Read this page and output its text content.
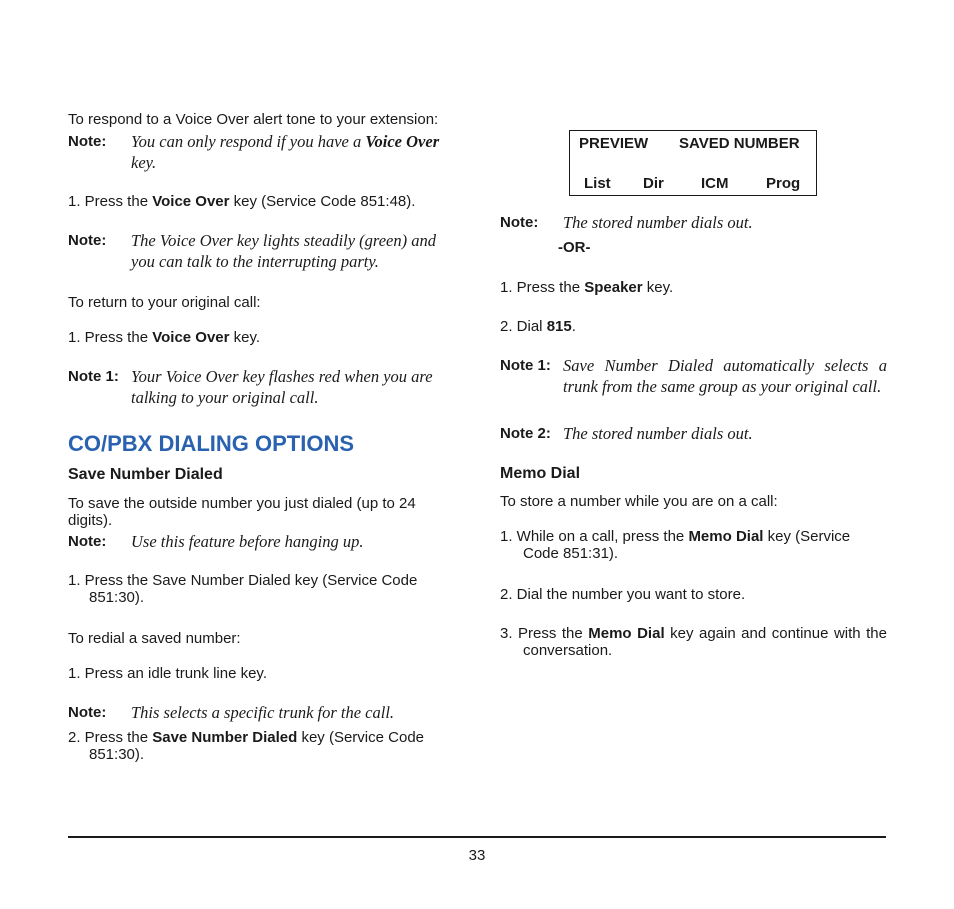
To respond to a Voice Over alert tone to your extension:
Note: You can only respond if you have a Voice Over key.
1. Press the Voice Over key (Service Code 851:48).
Note: The Voice Over key lights steadily (green) and you can talk to the interrupting party.
To return to your original call:
1. Press the Voice Over key.
Note 1: Your Voice Over key flashes red when you are talking to your original call.
CO/PBX DIALING OPTIONS
Save Number Dialed
To save the outside number you just dialed (up to 24 digits).
Note: Use this feature before hanging up.
1. Press the Save Number Dialed key (Service Code 851:30).
To redial a saved number:
1. Press an idle trunk line key.
Note: This selects a specific trunk for the call.
2. Press the Save Number Dialed key (Service Code 851:30).
PREVIEW SAVED NUMBER
List Dir ICM	Prog
Note: The stored number dials out.
-OR-
1. Press the Speaker key.
2. Dial 815.
Note 1: Save Number Dialed automatically selects a trunk from the same group as your original call.
Note 2: The stored number dials out.
Memo Dial
To store a number while you are on a call:
1. While on a call, press the Memo Dial key (Service Code 851:31).
2. Dial the number you want to store.
3. Press the Memo Dial key again and continue with the conversation.
33
